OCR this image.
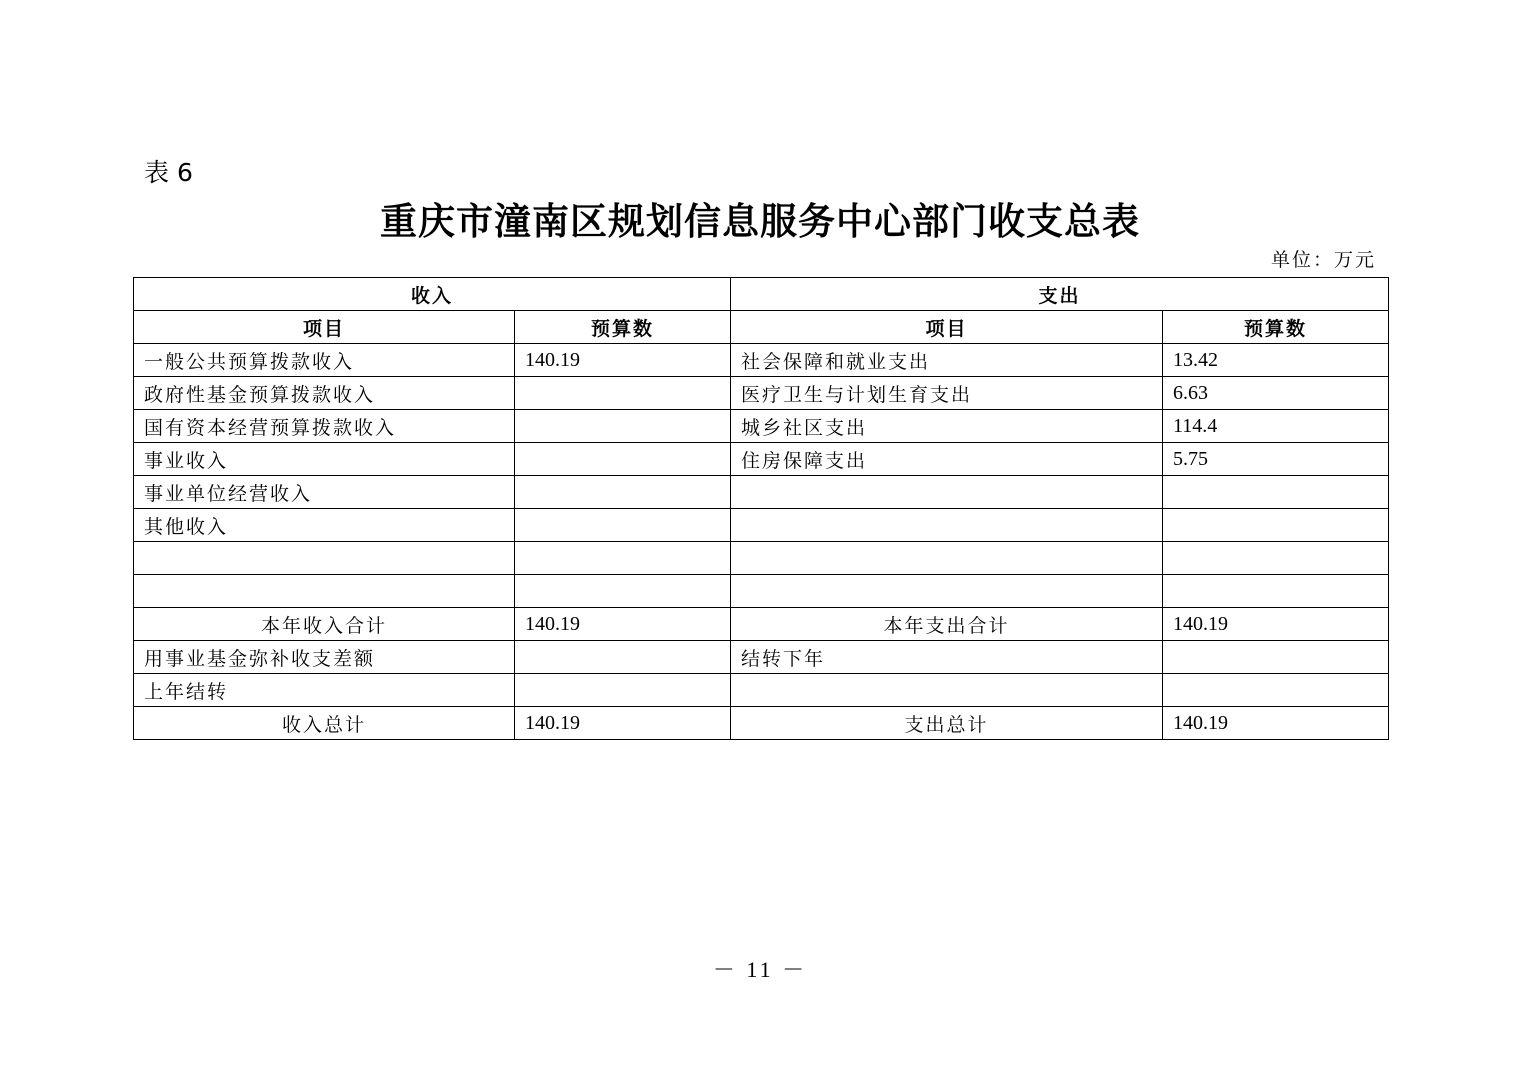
表 6
重庆市潼南区规划信息服务中心部门收支总表
单位：万元
收入		支出	
项目	预算数	项目	预算数
一般公共预算拨款收入	140.19	社会保障和就业支出	13.42
政府性基金预算拨款收入		医疗卫生与计划生育支出	6.63
国有资本经营预算拨款收入		城乡社区支出	114.4
事业收入		住房保障支出	5.75
事业单位经营收入			
其他收入			

本年收入合计	140.19	本年支出合计	140.19
用事业基金弥补收支差额		结转下年	
上年结转			
收入总计	140.19	支出总计	140.19
－ 11 －
